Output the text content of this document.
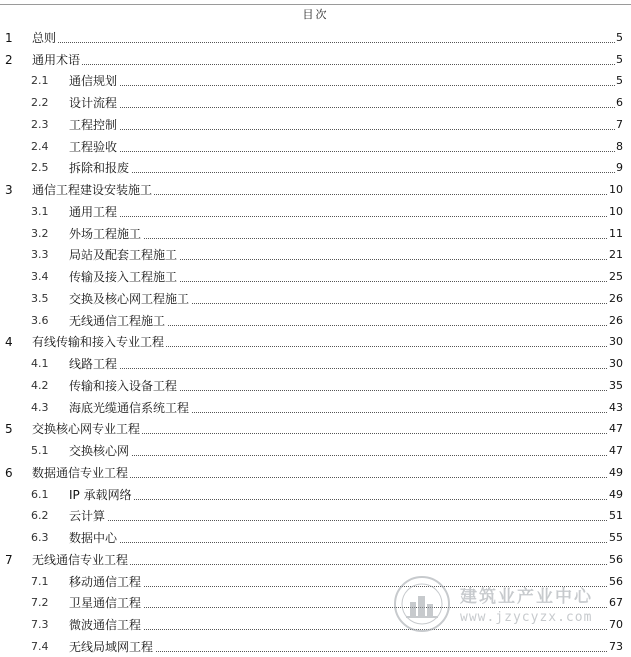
目次
1 总则	5
2 通用术语	5
2.1 通信规划	5
2.2 设计流程	6
2.3 工程控制	7
2.4 工程验收	8
2.5 拆除和报废	9
3 通信工程建设安装施工	10
3.1 通用工程	10
3.2 外场工程施工	11
3.3 局站及配套工程施工	21
3.4 传输及接入工程施工	25
3.5 交换及核心网工程施工	26
3.6 无线通信工程施工	26
4 有线传输和接入专业工程	30
4.1 线路工程	30
4.2 传输和接入设备工程	35
4.3 海底光缆通信系统工程	43
5 交换核心网专业工程	47
5.1 交换核心网	47
6 数据通信专业工程	49
6.1 IP 承载网络	49
6.2 云计算	51
6.3 数据中心	55
7 无线通信专业工程	56
7.1 移动通信工程	56
7.2 卫星通信工程	67
7.3 微波通信工程	70
7.4 无线局域网工程	73
建筑业产业中心
www.jzycyzx.com
